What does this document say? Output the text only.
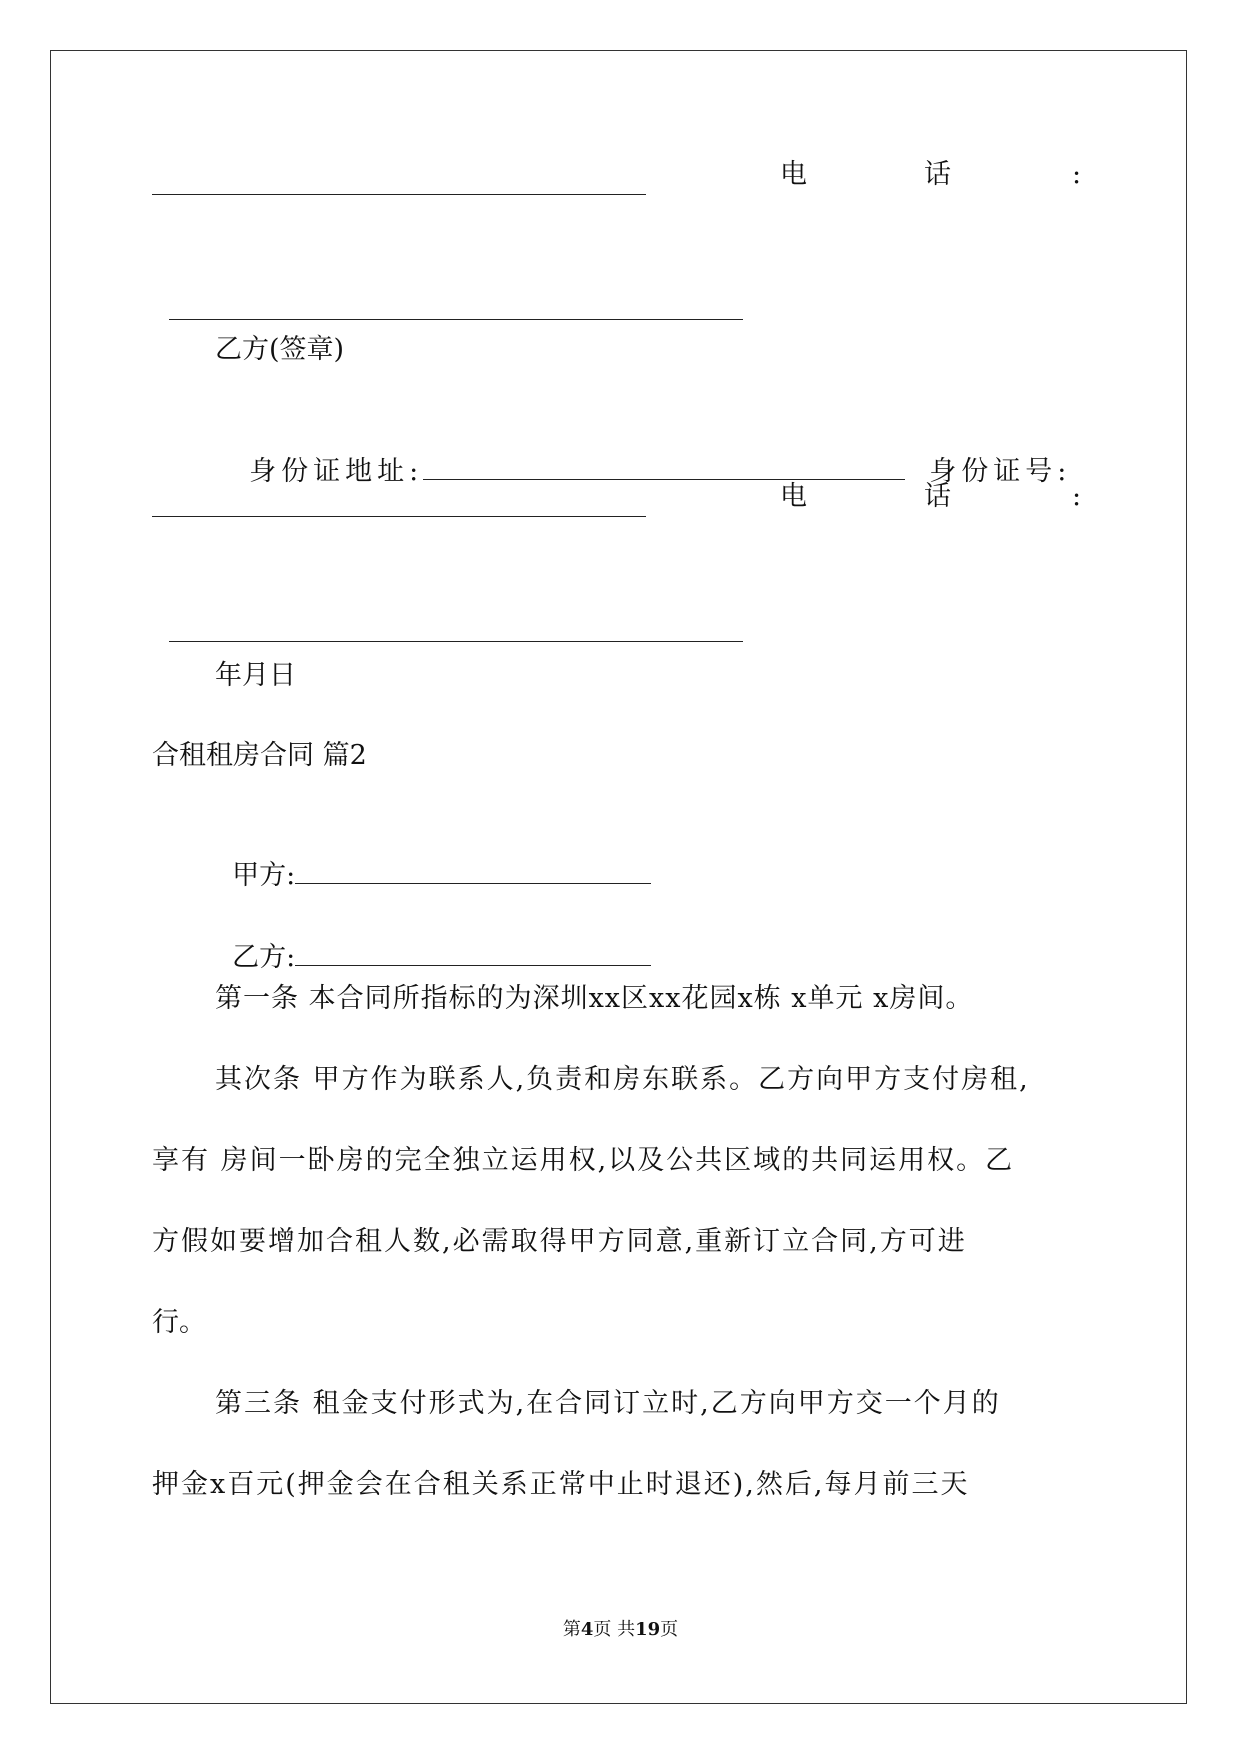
电	话	:

乙方(签章)

身份证地址:	身份证号:

电	话	:

年月日
合租租房合同 篇2

甲方:

乙方:

第一条 本合同所指标的为深圳xx区xx花园x栋 x单元 x房间。
其次条 甲方作为联系人,负责和房东联系。乙方向甲方支付房租,
享有 房间一卧房的完全独立运用权,以及公共区域的共同运用权。乙
方假如要增加合租人数,必需取得甲方同意,重新订立合同,方可进
行。
第三条 租金支付形式为,在合同订立时,乙方向甲方交一个月的
押金x百元(押金会在合租关系正常中止时退还),然后,每月前三天
第4页 共19页
